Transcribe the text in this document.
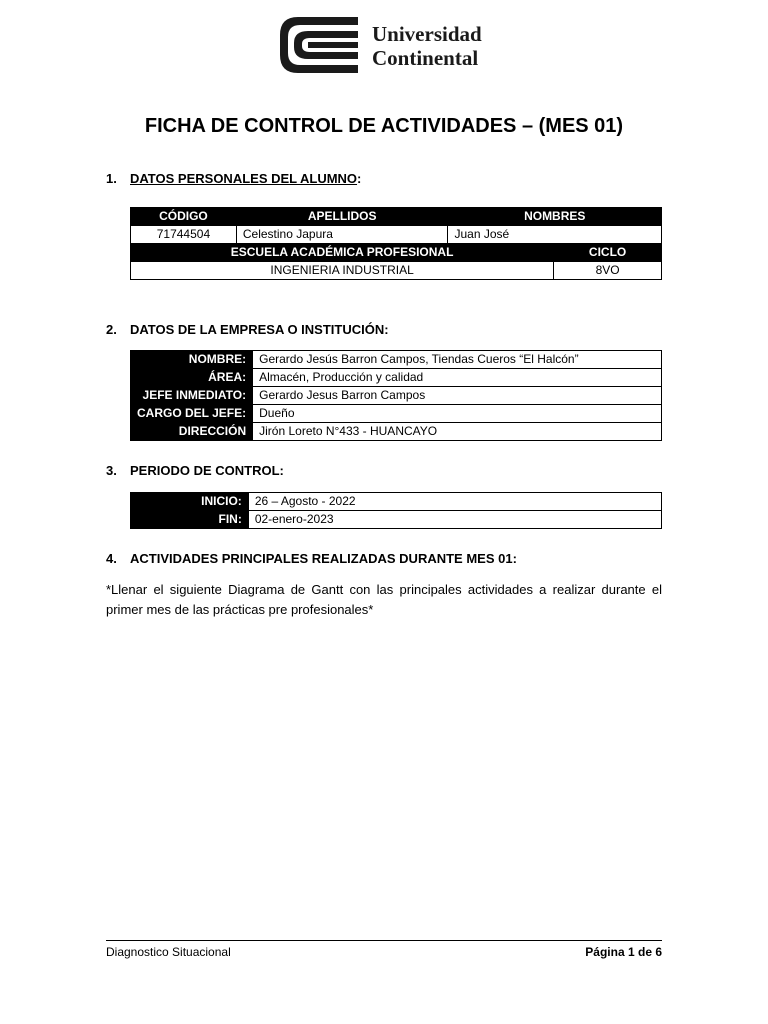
Universidad
Continental
FICHA DE CONTROL DE ACTIVIDADES – (MES 01)
1. DATOS PERSONALES DEL ALUMNO:
CÓDIGO	APELLIDOS	NOMBRES	
71744504	Celestino Japura	Juan José	
ESCUELA ACADÉMICA PROFESIONAL			CICLO
INGENIERIA INDUSTRIAL			8VO
2. DATOS DE LA EMPRESA O INSTITUCIÓN:
NOMBRE:	Gerardo Jesús Barron Campos, Tiendas Cueros “El Halcón”
ÁREA:	Almacén, Producción y calidad
JEFE INMEDIATO:	Gerardo Jesus Barron Campos
CARGO DEL JEFE:	Dueño
DIRECCIÓN	Jirón Loreto N°433 - HUANCAYO
3. PERIODO DE CONTROL:
INICIO:	26 – Agosto - 2022
FIN:	02-enero-2023
4. ACTIVIDADES PRINCIPALES REALIZADAS DURANTE MES 01:
*Llenar el siguiente Diagrama de Gantt con las principales actividades a realizar durante el primer mes de las prácticas pre profesionales*
Diagnostico Situacional	Página 1 de 6
